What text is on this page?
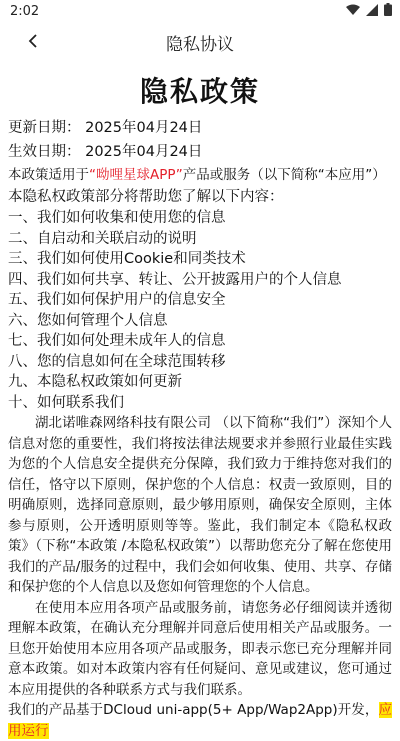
2:02
隐私协议
隐私政策

更新日期： 2025年04月24日

生效日期： 2025年04月24日

本政策适用于“呦哩星球APP”产品或服务（以下简称“本应用”）

本隐私权政策部分将帮助您了解以下内容：

一、我们如何收集和使用您的信息

二、自启动和关联启动的说明

三、我们如何使用Cookie和同类技术

四、我们如何共享、转让、公开披露用户的个人信息

五、我们如何保护用户的信息安全

六、您如何管理个人信息

七、我们如何处理未成年人的信息

八、您的信息如何在全球范围转移

九、本隐私权政策如何更新

十、如何联系我们

湖北诺唯森网络科技有限公司 （以下简称“我们”）深知个人信息对您的重要性，我们将按法律法规要求并参照行业最佳实践为您的个人信息安全提供充分保障，我们致力于维持您对我们的信任，恪守以下原则，保护您的个人信息：权责一致原则，目的明确原则，选择同意原则，最少够用原则，确保安全原则，主体参与原则，公开透明原则等等。鉴此，我们制定本《隐私权政策》（下称“本政策 /本隐私权政策”）以帮助您充分了解在您使用我们的产品/服务的过程中，我们会如何收集、使用、共享、存储和保护您的个人信息以及您如何管理您的个人信息。

在使用本应用各项产品或服务前，请您务必仔细阅读并透彻理解本政策，在确认充分理解并同意后使用相关产品或服务。一旦您开始使用本应用各项产品或服务，即表示您已充分理解并同意本政策。如对本政策内容有任何疑问、意见或建议，您可通过本应用提供的各种联系方式与我们联系。

我们的产品基于DCloud uni-app(5+ App/Wap2App)开发，应用运行
